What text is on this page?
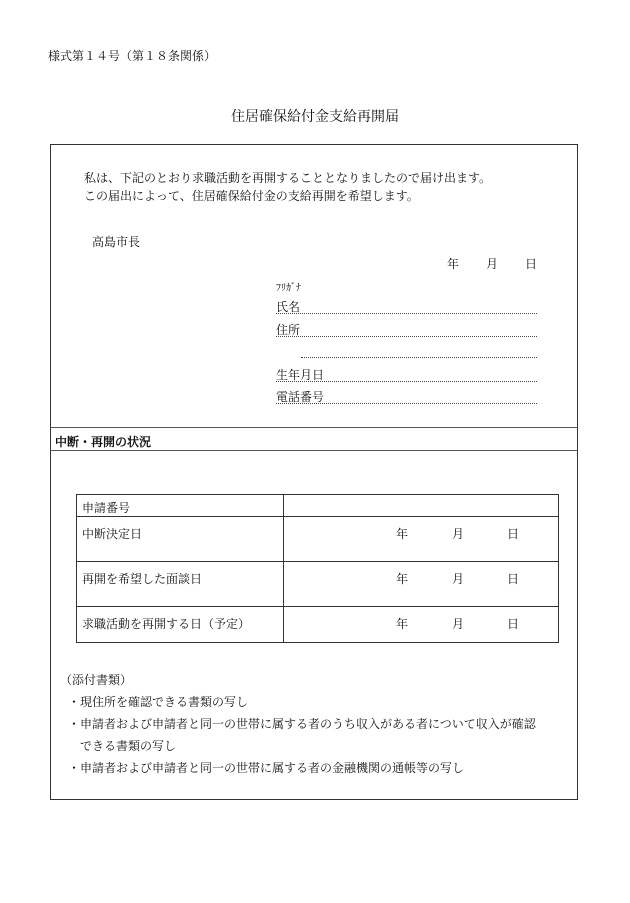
様式第１４号（第１８条関係）
住居確保給付金支給再開届
私は、下記のとおり求職活動を再開することとなりましたので届け出ます。
この届出によって、住居確保給付金の支給再開を希望します。
高島市長
年 月 日
ﾌﾘｶﾞﾅ
氏名
住所
生年月日
電話番号
中断・再開の状況
申請番号	
中断決定日	年 月 日
再開を希望した面談日	年 月 日
求職活動を再開する日（予定）	年 月 日
（添付書類）
・現住所を確認できる書類の写し
・申請者および申請者と同一の世帯に属する者のうち収入がある者について収入が確認
　できる書類の写し
・申請者および申請者と同一の世帯に属する者の金融機関の通帳等の写し
